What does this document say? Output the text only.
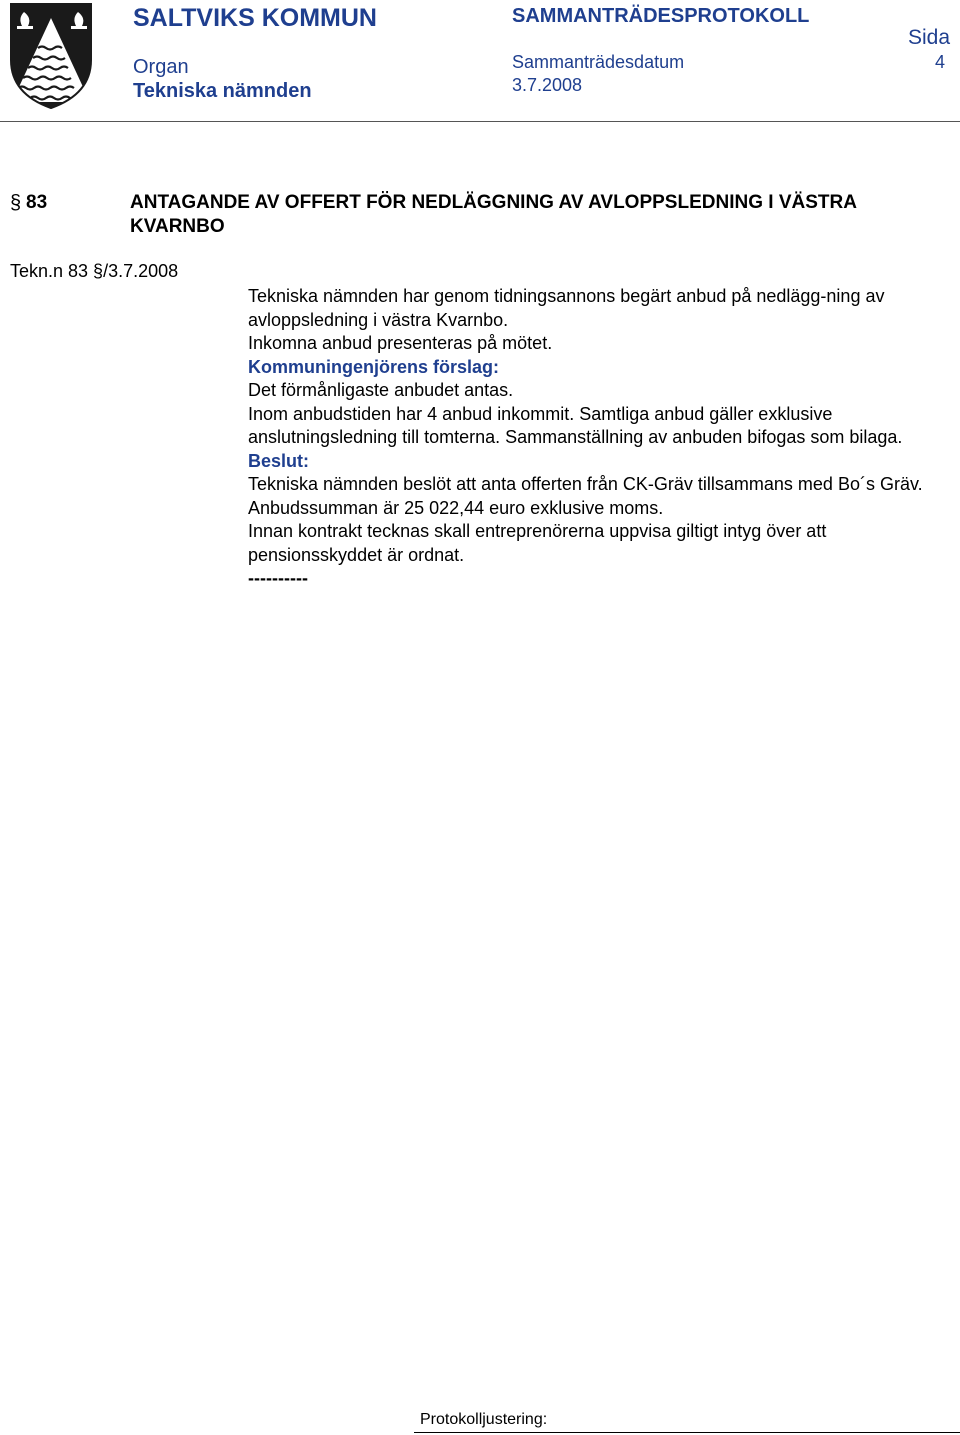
SALTVIKS KOMMUN	SAMMANTRÄDESPROTOKOLL
Sida
Organ
Tekniska nämnden
Sammanträdesdatum
3.7.2008
4
§ 83	ANTAGANDE AV OFFERT FÖR NEDLÄGGNING AV AVLOPPSLEDNING I VÄSTRA KVARNBO
Tekn.n 83 §/3.7.2008

Tekniska nämnden har genom tidningsannons begärt anbud på nedlägg-ning av avloppsledning i västra Kvarnbo.

Inkomna anbud presenteras på mötet.

Kommuningenjörens förslag:

Det förmånligaste anbudet antas.

Inom anbudstiden har 4 anbud inkommit. Samtliga anbud gäller exklusive anslutningsledning till tomterna. Sammanställning av anbuden bifogas som bilaga.

Beslut:

Tekniska nämnden beslöt att anta offerten från CK-Gräv tillsammans med Bo´s Gräv. Anbudssumman är 25 022,44 euro exklusive moms.

Innan kontrakt tecknas skall entreprenörerna uppvisa giltigt intyg över att pensionsskyddet är ordnat.

----------

Protokolljustering:
